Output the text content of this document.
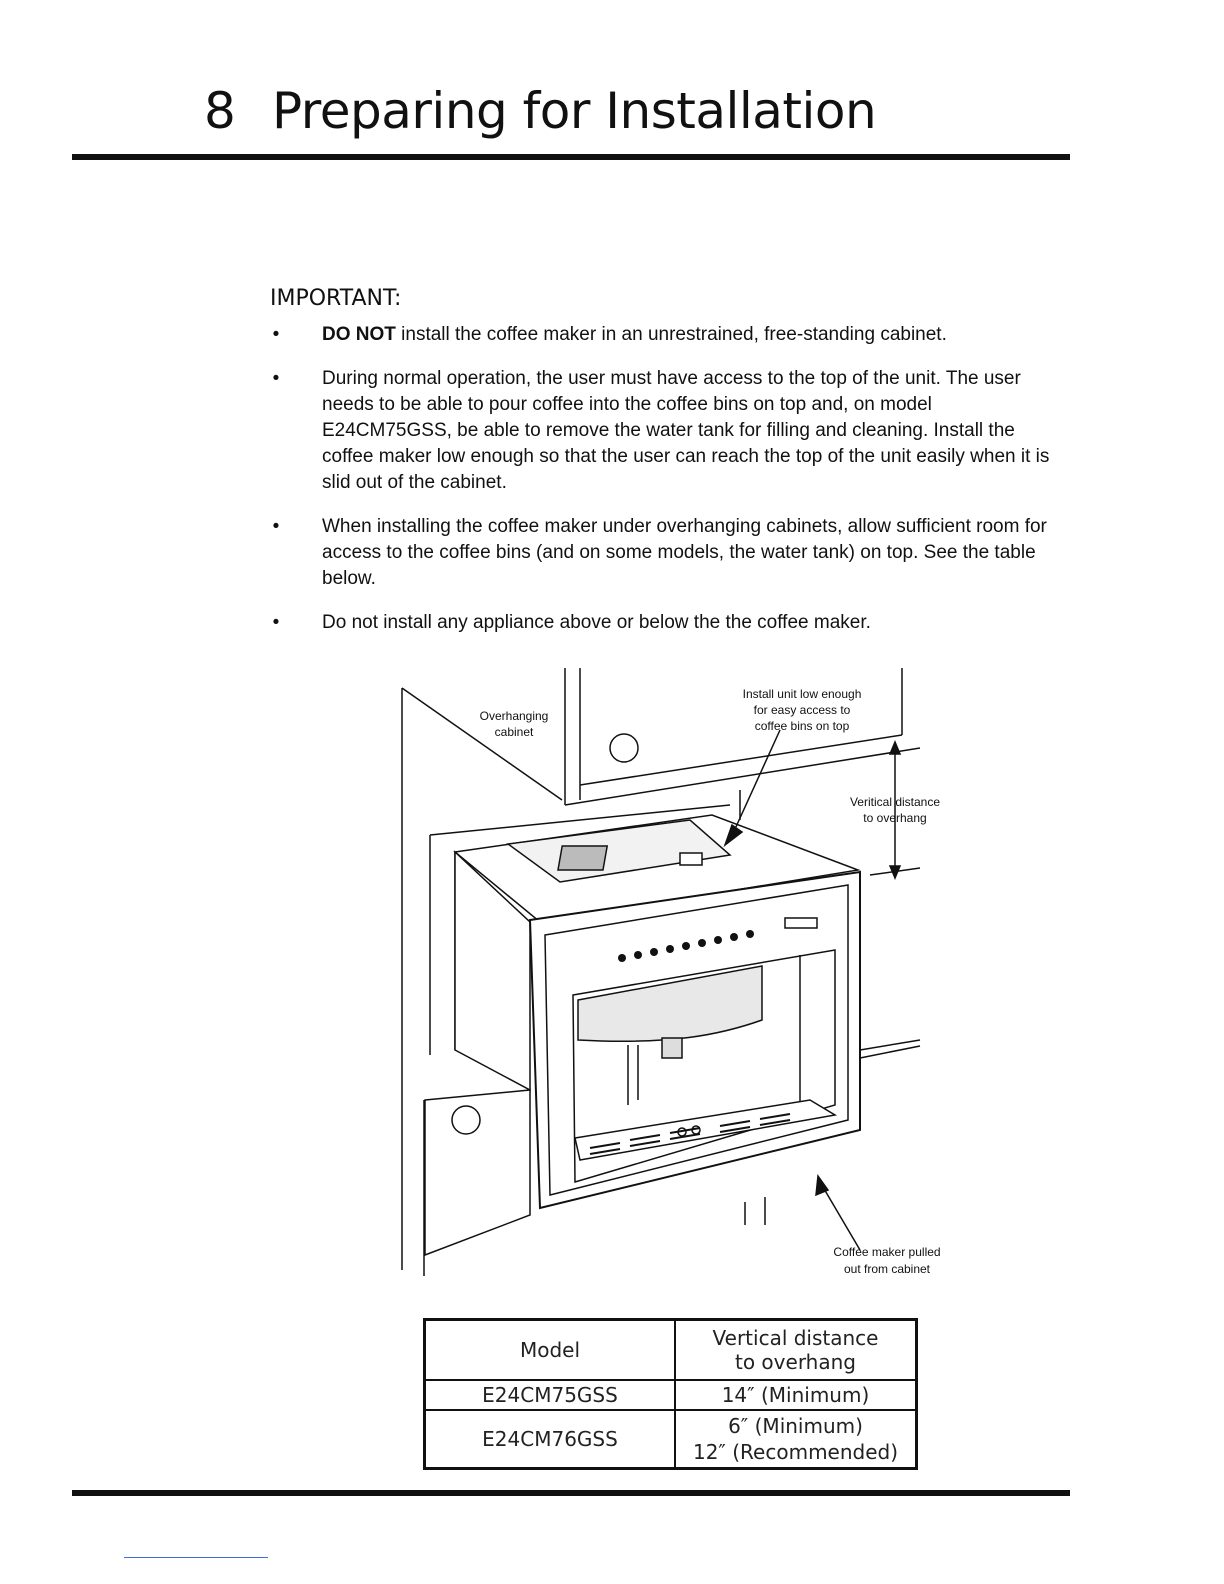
8 Preparing for Installation
IMPORTANT:
•	DO NOT install the coffee maker in an unrestrained, free-standing cabinet.
•	During normal operation, the user must have access to the top of the unit. The user needs to be able to pour coffee into the coffee bins on top and, on model E24CM75GSS, be able to remove the water tank for filling and cleaning. Install the coffee maker low enough so that the user can reach the top of the unit easily when it is slid out of the cabinet.
•	When installing the coffee maker under overhanging cabinets, allow sufficient room for access to the coffee bins (and on some models, the water tank) on top. See the table below.
•	Do not install any appliance above or below the the coffee maker.
Overhanging
cabinet
Install unit low enough
for easy access to
coffee bins on top
Veritical distance
to overhang
Coffee maker pulled
out from cabinet
Model	Vertical distance
to overhang

E24CM75GSS	14″ (Minimum)
E24CM76GSS	6″ (Minimum)
12″ (Recommended)
